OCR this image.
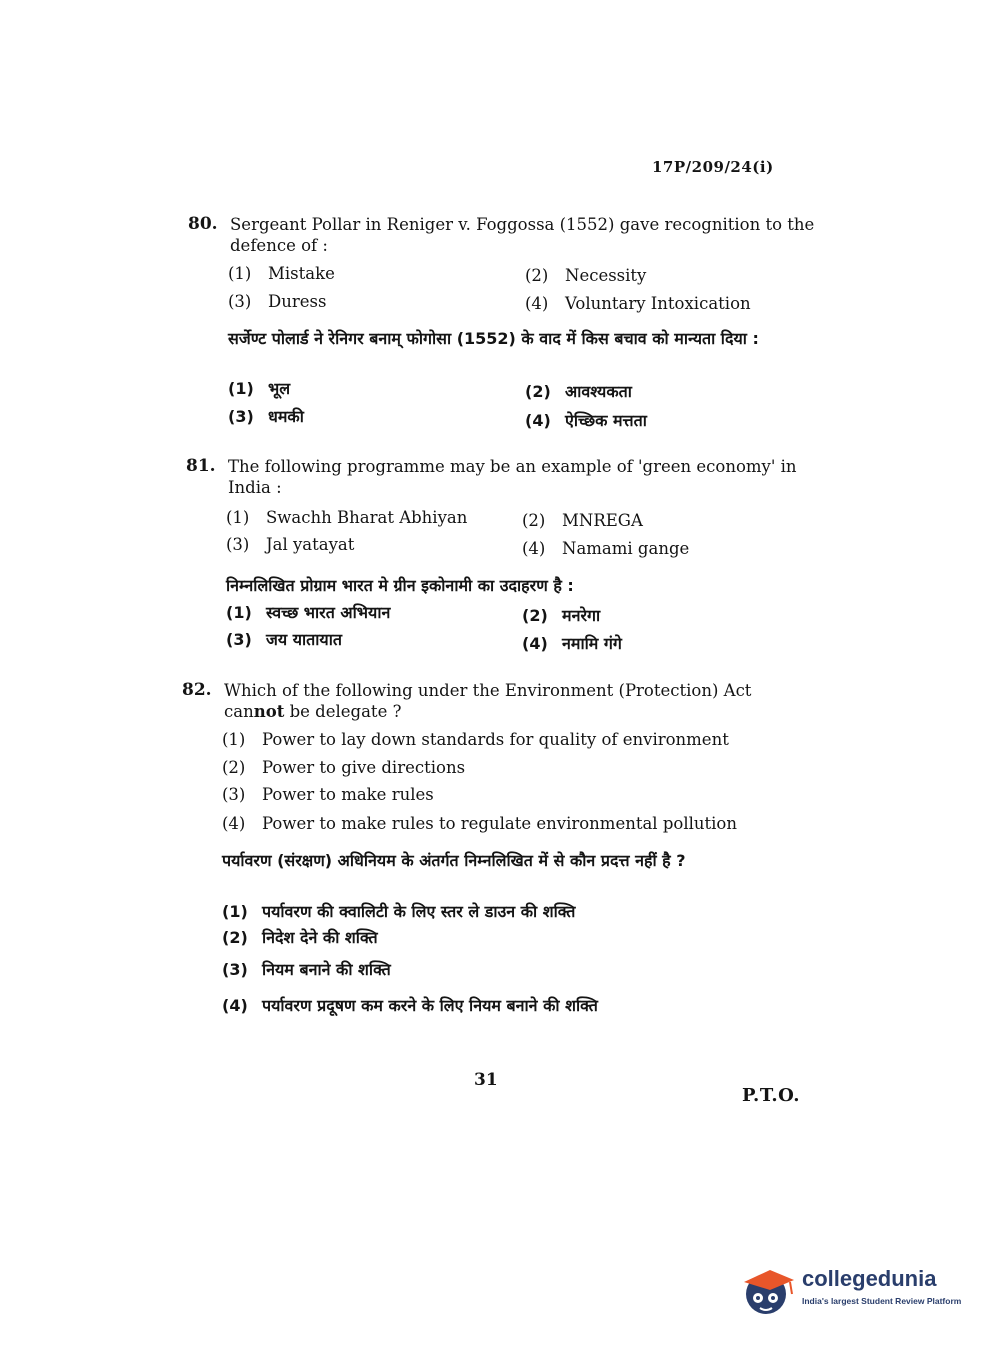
17P/209/24(i)
80. Sergeant Pollar in Reniger v. Foggossa (1552) gave recognition to the defence of :
(1) Mistake	(2) Necessity
(3) Duress	(4) Voluntary Intoxication
सर्जेण्ट पोलार्ड ने रेनिगर बनाम् फोगोसा (1552) के वाद में किस बचाव को मान्यता दिया :
(1) भूल	(2) आवश्यकता
(3) धमकी	(4) ऐच्छिक मत्तता
81. The following programme may be an example of 'green economy' in India :
(1) Swachh Bharat Abhiyan	(2) MNREGA
(3) Jal yatayat	(4) Namami gange
निम्नलिखित प्रोग्राम भारत मे ग्रीन इकोनामी का उदाहरण है :
(1) स्वच्छ भारत अभियान	(2) मनरेगा
(3) जय यातायात	(4) नमामि गंगे
82. Which of the following under the Environment (Protection) Act cannot be delegate ?
(1) Power to lay down standards for quality of environment
(2) Power to give directions
(3) Power to make rules
(4) Power to make rules to regulate environmental pollution
पर्यावरण (संरक्षण) अधिनियम के अंतर्गत निम्नलिखित में से कौन प्रदत्त नहीं है ?
(1) पर्यावरण की क्वालिटी के लिए स्तर ले डाउन की शक्ति
(2) निदेश देने की शक्ति
(3) नियम बनाने की शक्ति
(4) पर्यावरण प्रदूषण कम करने के लिए नियम बनाने की शक्ति
31
P.T.O.
collegedunia
India's largest Student Review Platform
